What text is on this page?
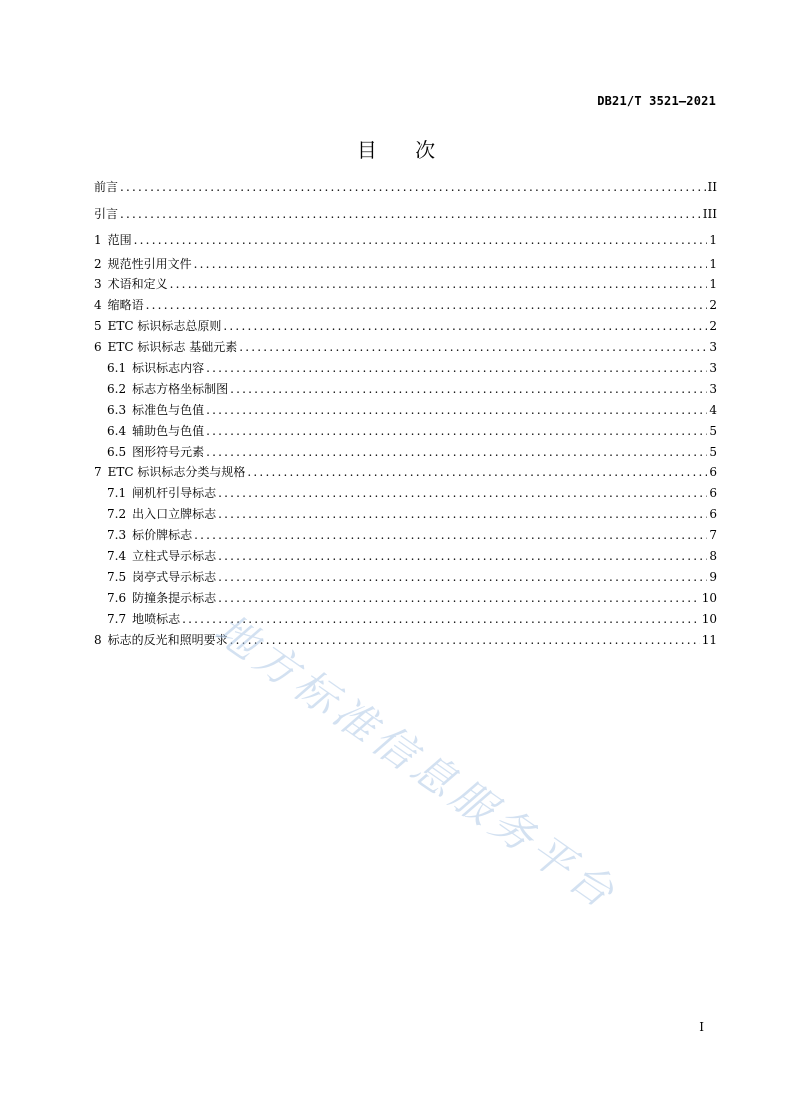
DB21/T 3521—2021
目 次
前言 .....	II
引言 .....	III
1 范围 .....	1
2 规范性引用文件 .....	1
3 术语和定义 .....	1
4 缩略语 .....	2
5 ETC 标识标志总原则 .....	2
6 ETC 标识标志 基础元素 .....	3
6.1 标识标志内容 .....	3
6.2 标志方格坐标制图 .....	3
6.3 标准色与色值 .....	4
6.4 辅助色与色值 .....	5
6.5 图形符号元素 .....	5
7 ETC 标识标志分类与规格 .....	6
7.1 闸机杆引导标志 .....	6
7.2 出入口立牌标志 .....	6
7.3 标价牌标志 .....	7
7.4 立柱式导示标志 .....	8
7.5 岗亭式导示标志 .....	9
7.6 防撞条提示标志 .....	10
7.7 地喷标志 .....	10
8 标志的反光和照明要求 .....	11
地方标准信息服务平台
I
